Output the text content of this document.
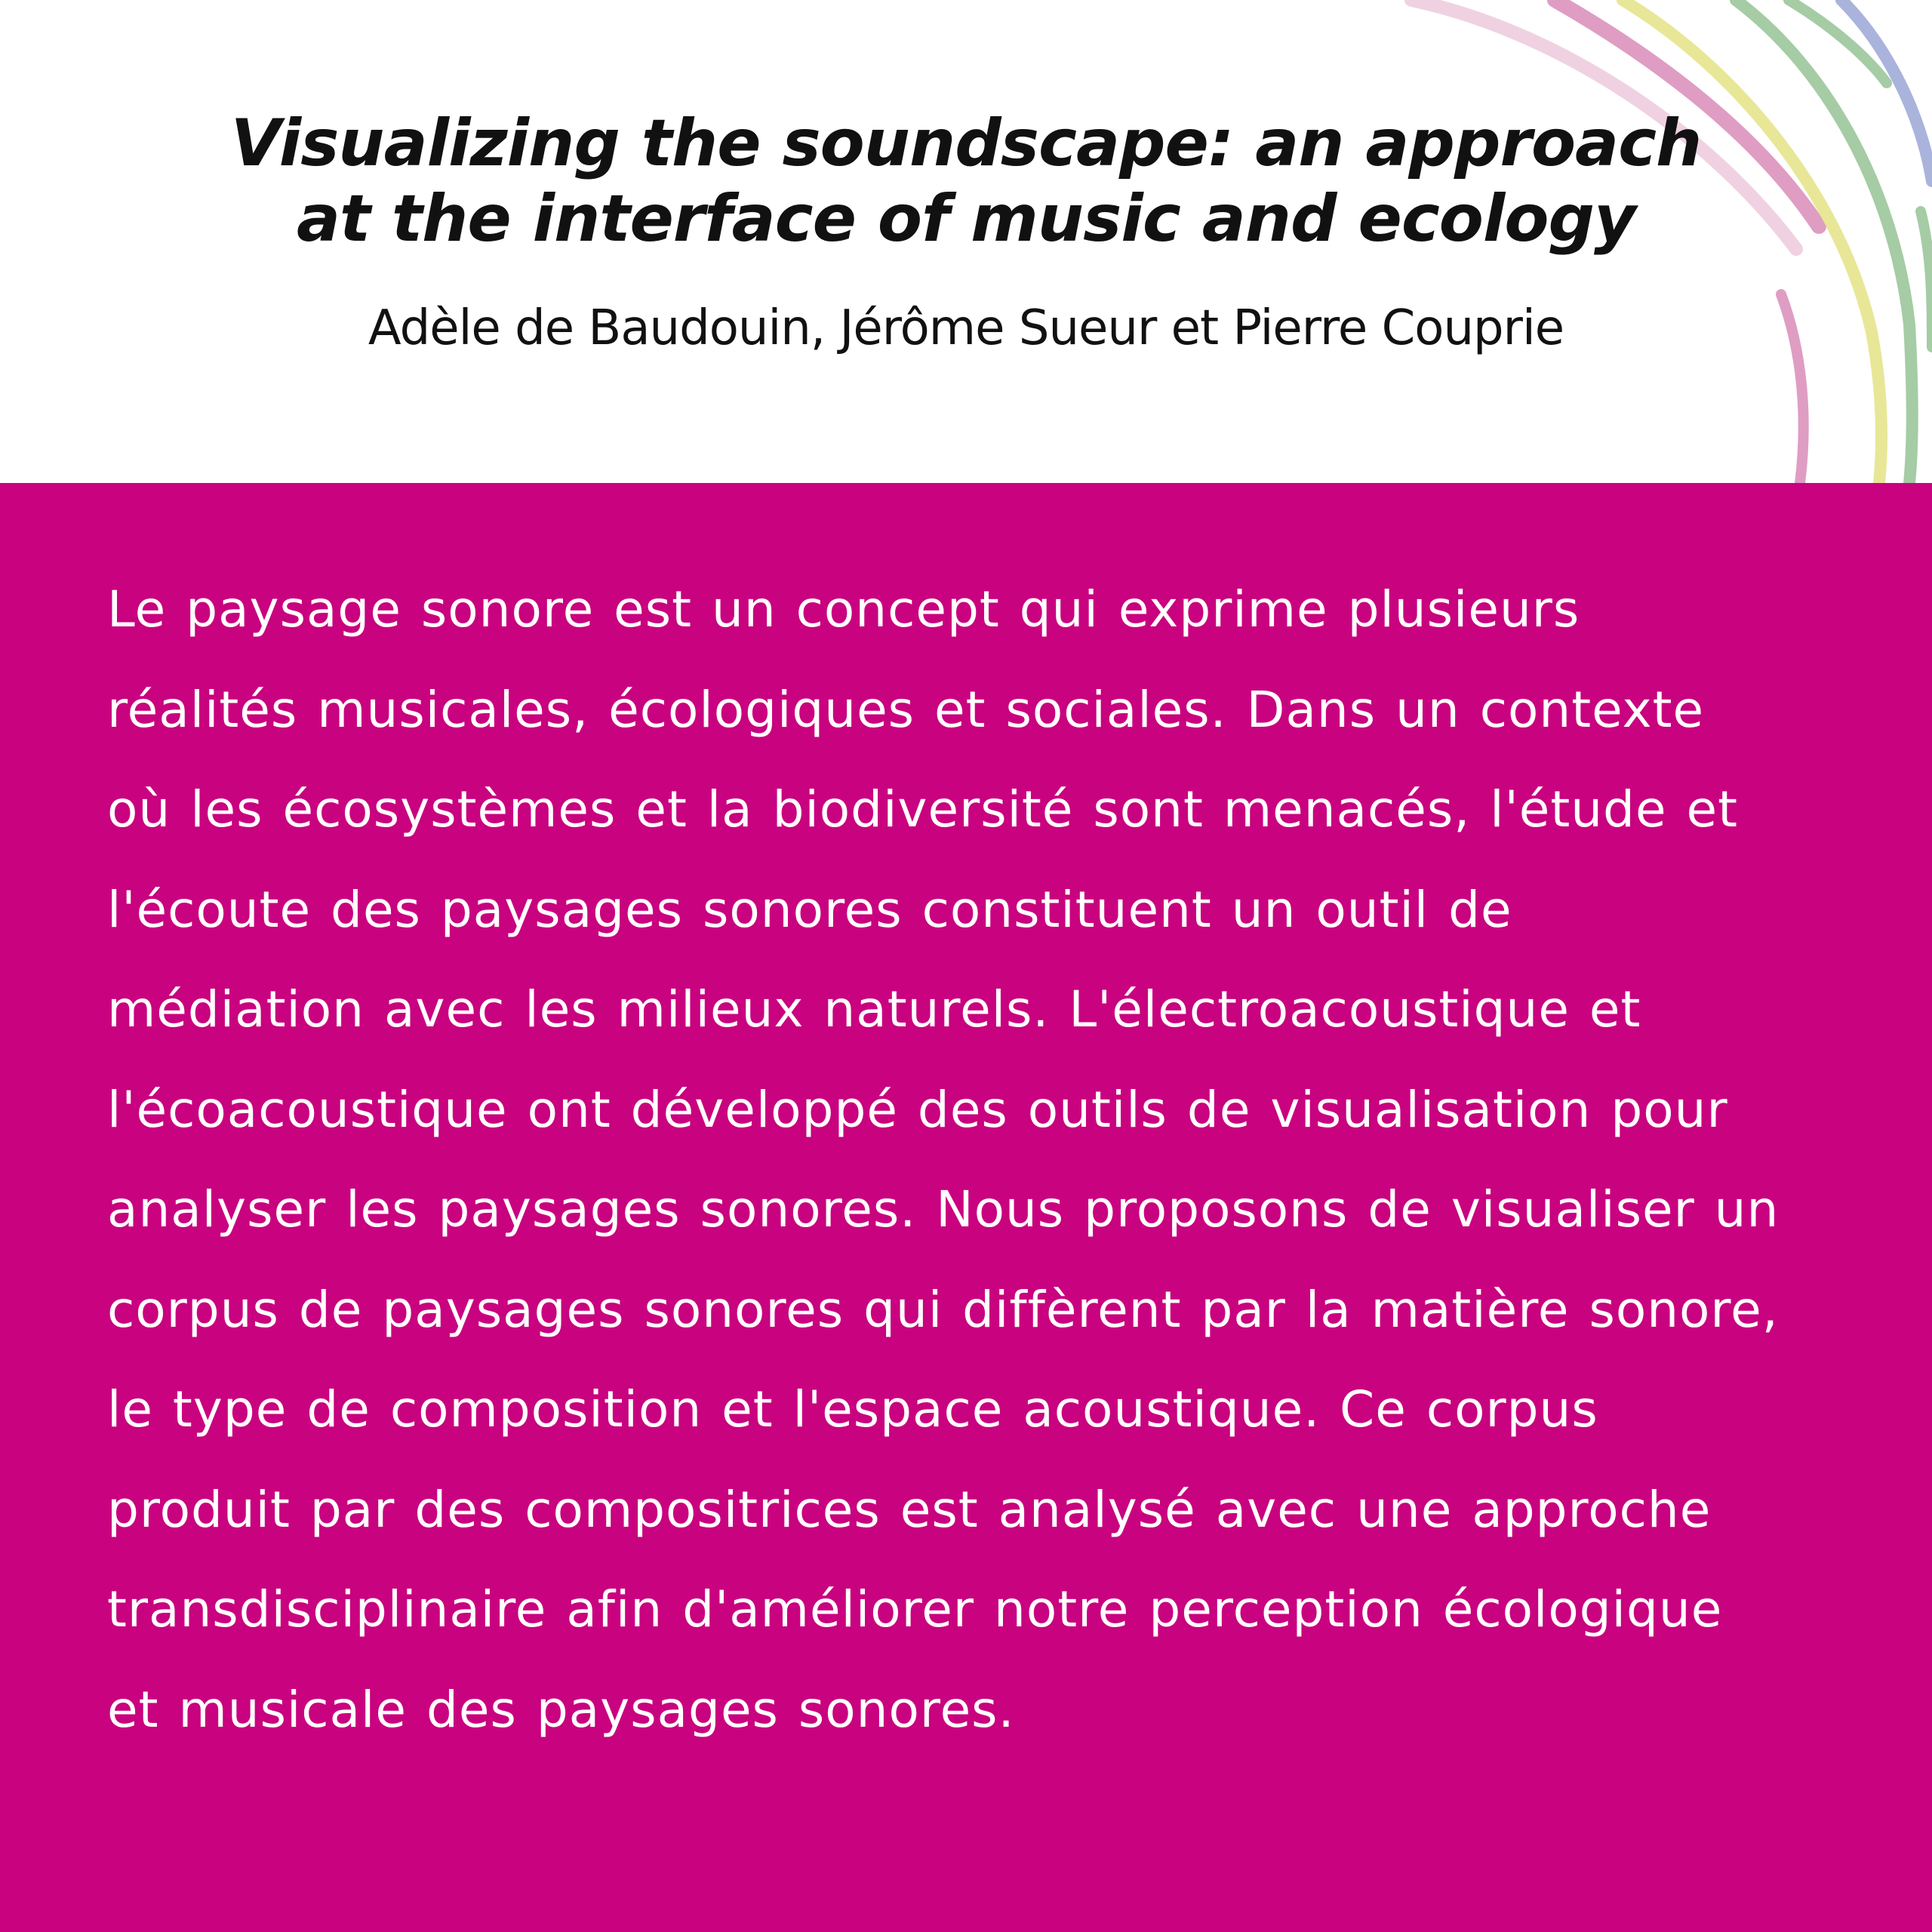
Visualizing the soundscape: an approach
at the interface of music and ecology
Adèle de Baudouin, Jérôme Sueur et Pierre Couprie
Le paysage sonore est un concept qui exprime plusieurs
réalités musicales, écologiques et sociales. Dans un contexte
où les écosystèmes et la biodiversité sont menacés, l'étude et
l'écoute des paysages sonores constituent un outil de
médiation avec les milieux naturels. L'électroacoustique et
l'écoacoustique ont développé des outils de visualisation pour
analyser les paysages sonores. Nous proposons de visualiser un
corpus de paysages sonores qui diffèrent par la matière sonore,
le type de composition et l'espace acoustique. Ce corpus
produit par des compositrices est analysé avec une approche
transdisciplinaire afin d'améliorer notre perception écologique
et musicale des paysages sonores.
